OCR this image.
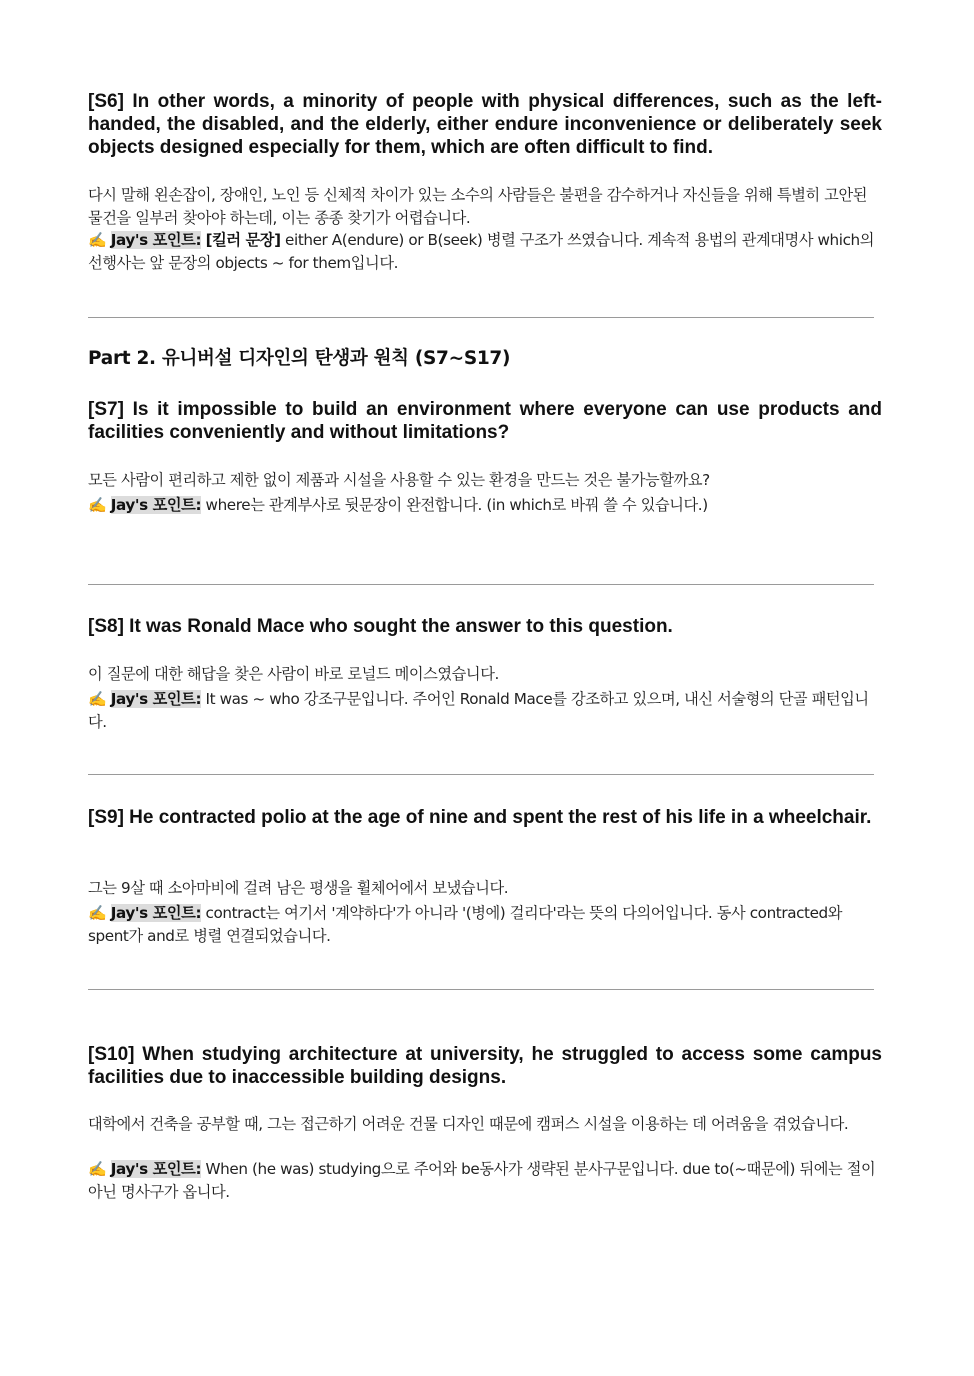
[S6] In other words, a minority of people with physical differences, such as the left-handed, the disabled, and the elderly, either endure inconvenience or deliberately seek objects designed especially for them, which are often difficult to find.

다시 말해 왼손잡이, 장애인, 노인 등 신체적 차이가 있는 소수의 사람들은 불편을 감수하거나 자신들을 위해 특별히 고안된 물건을 일부러 찾아야 하는데, 이는 종종 찾기가 어렵습니다.

✍️ Jay's 포인트: [킬러 문장] either A(endure) or B(seek) 병렬 구조가 쓰였습니다. 계속적 용법의 관계대명사 which의 선행사는 앞 문장의 objects ~ for them입니다.

Part 2. 유니버설 디자인의 탄생과 원칙 (S7~S17)

[S7] Is it impossible to build an environment where everyone can use products and facilities conveniently and without limitations?

모든 사람이 편리하고 제한 없이 제품과 시설을 사용할 수 있는 환경을 만드는 것은 불가능할까요?

✍️ Jay's 포인트: where는 관계부사로 뒷문장이 완전합니다. (in which로 바꿔 쓸 수 있습니다.)

[S8] It was Ronald Mace who sought the answer to this question.

이 질문에 대한 해답을 찾은 사람이 바로 로널드 메이스였습니다.

✍️ Jay's 포인트: It was ~ who 강조구문입니다. 주어인 Ronald Mace를 강조하고 있으며, 내신 서술형의 단골 패턴입니다.

[S9] He contracted polio at the age of nine and spent the rest of his life in a wheelchair.

그는 9살 때 소아마비에 걸려 남은 평생을 휠체어에서 보냈습니다.

✍️ Jay's 포인트: contract는 여기서 '계약하다'가 아니라 '(병에) 걸리다'라는 뜻의 다의어입니다. 동사 contracted와 spent가 and로 병렬 연결되었습니다.

[S10] When studying architecture at university, he struggled to access some campus facilities due to inaccessible building designs.

대학에서 건축을 공부할 때, 그는 접근하기 어려운 건물 디자인 때문에 캠퍼스 시설을 이용하는 데 어려움을 겪었습니다.

✍️ Jay's 포인트: When (he was) studying으로 주어와 be동사가 생략된 분사구문입니다. due to(~때문에) 뒤에는 절이 아닌 명사구가 옵니다.
